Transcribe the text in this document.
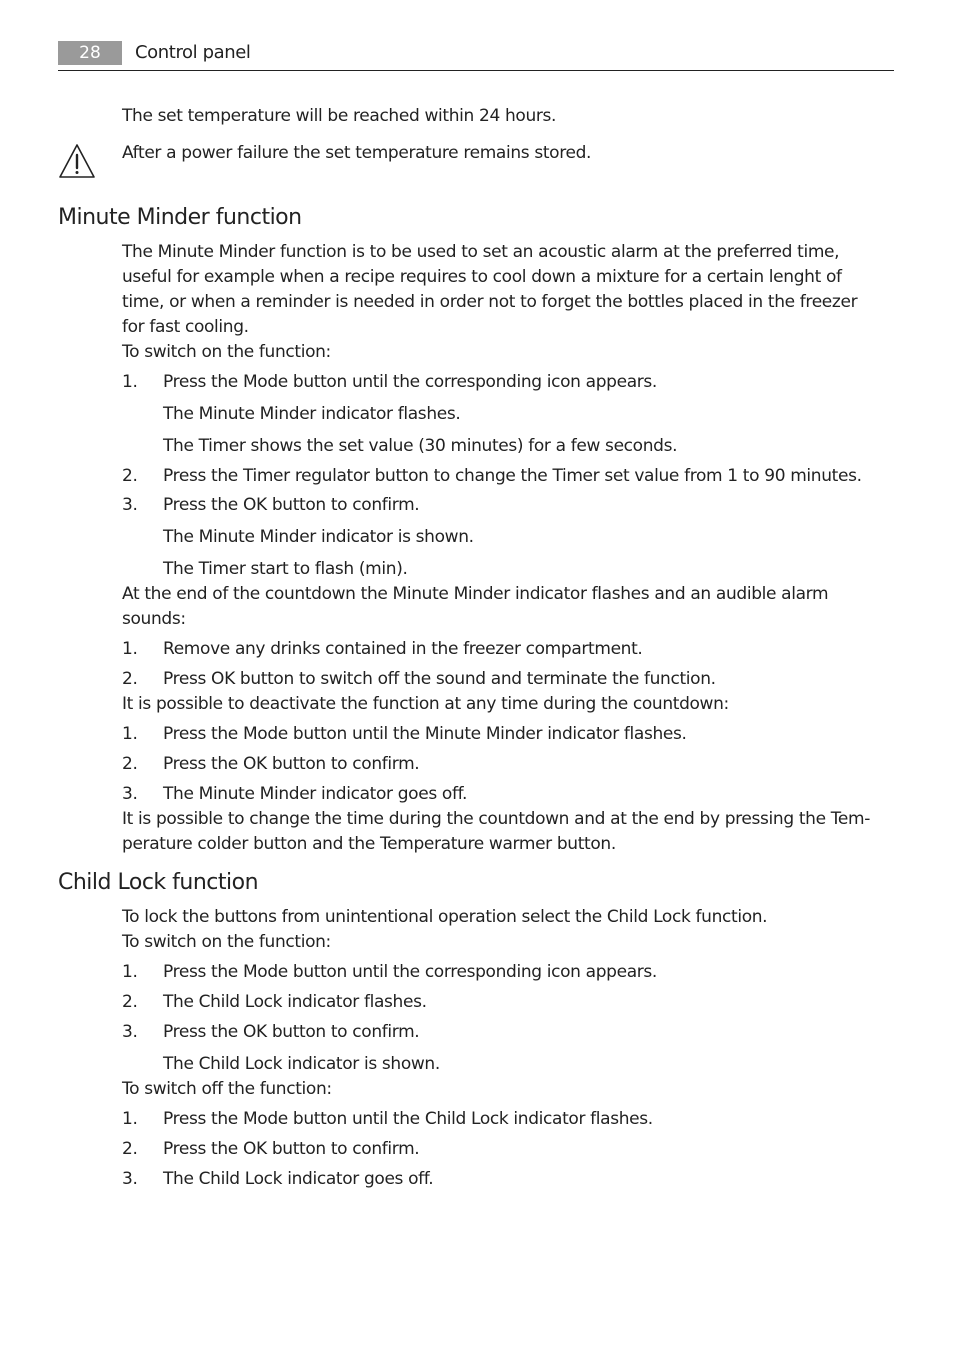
28	Control panel
The set temperature will be reached within 24 hours.
After a power failure the set temperature remains stored.
Minute Minder function
The Minute Minder function is to be used to set an acoustic alarm at the preferred time,
useful for example when a recipe requires to cool down a mixture for a certain lenght of
time, or when a reminder is needed in order not to forget the bottles placed in the freezer
for fast cooling.
To switch on the function:
1. Press the Mode button until the corresponding icon appears.
The Minute Minder indicator flashes.
The Timer shows the set value (30 minutes) for a few seconds.
2. Press the Timer regulator button to change the Timer set value from 1 to 90 minutes.
3. Press the OK button to confirm.
The Minute Minder indicator is shown.
The Timer start to flash (min).
At the end of the countdown the Minute Minder indicator flashes and an audible alarm
sounds:
1. Remove any drinks contained in the freezer compartment.
2. Press OK button to switch off the sound and terminate the function.
It is possible to deactivate the function at any time during the countdown:
1. Press the Mode button until the Minute Minder indicator flashes.
2. Press the OK button to confirm.
3. The Minute Minder indicator goes off.
It is possible to change the time during the countdown and at the end by pressing the Tem-
perature colder button and the Temperature warmer button.
Child Lock function
To lock the buttons from unintentional operation select the Child Lock function.
To switch on the function:
1. Press the Mode button until the corresponding icon appears.
2. The Child Lock indicator flashes.
3. Press the OK button to confirm.
The Child Lock indicator is shown.
To switch off the function:
1. Press the Mode button until the Child Lock indicator flashes.
2. Press the OK button to confirm.
3. The Child Lock indicator goes off.
